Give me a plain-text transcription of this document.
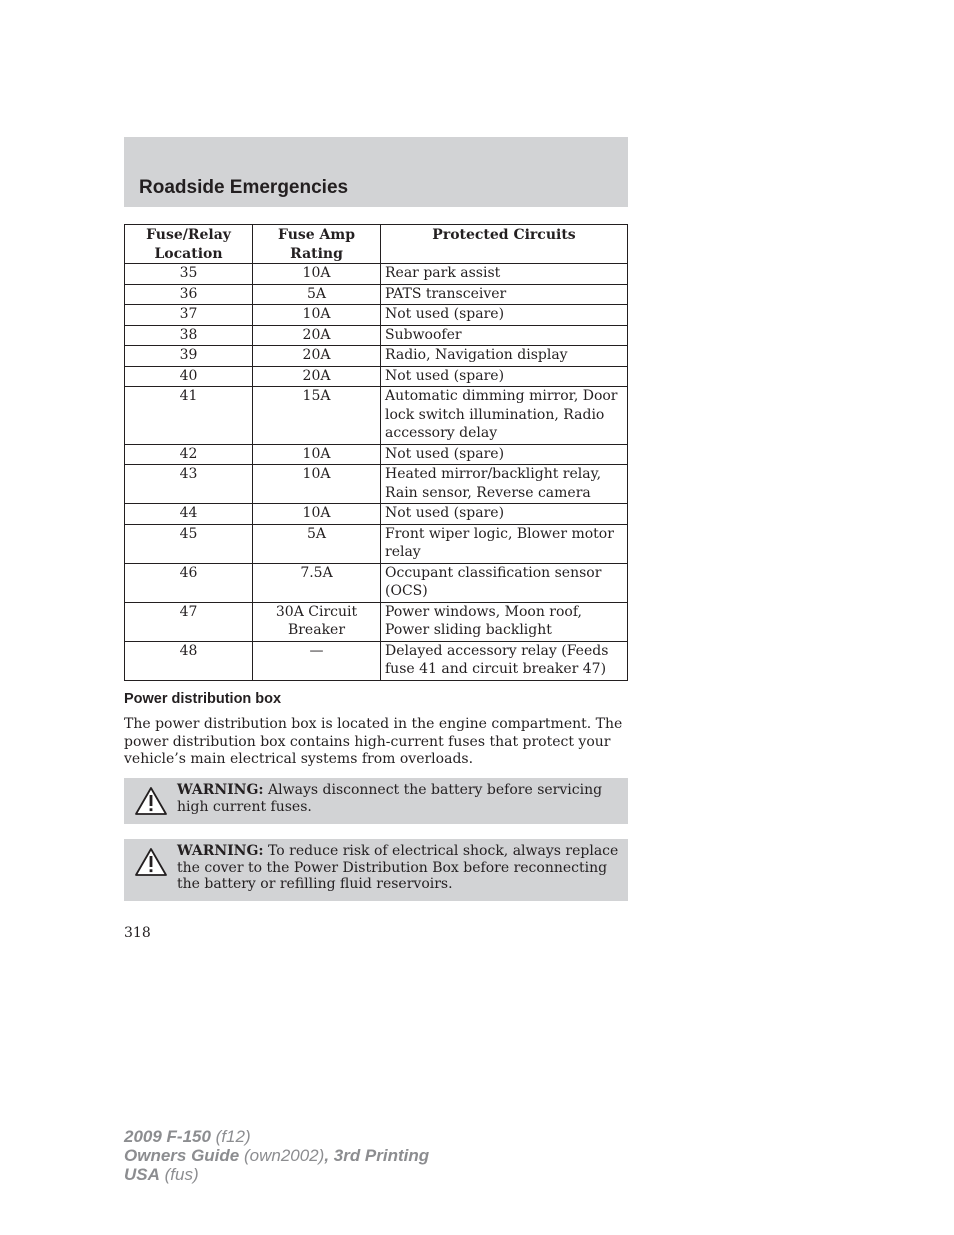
Roadside Emergencies
Fuse/Relay Location	Fuse Amp Rating	Protected Circuits
35	10A	Rear park assist
36	5A	PATS transceiver
37	10A	Not used (spare)
38	20A	Subwoofer
39	20A	Radio, Navigation display
40	20A	Not used (spare)
41	15A	Automatic dimming mirror, Door lock switch illumination, Radio accessory delay
42	10A	Not used (spare)
43	10A	Heated mirror/backlight relay, Rain sensor, Reverse camera
44	10A	Not used (spare)
45	5A	Front wiper logic, Blower motor relay
46	7.5A	Occupant classification sensor (OCS)
47	30A Circuit Breaker	Power windows, Moon roof, Power sliding backlight
48	—	Delayed accessory relay (Feeds fuse 41 and circuit breaker 47)
Power distribution box

The power distribution box is located in the engine compartment. The power distribution box contains high-current fuses that protect your vehicle’s main electrical systems from overloads.

WARNING: Always disconnect the battery before servicing high current fuses.
WARNING: To reduce risk of electrical shock, always replace the cover to the Power Distribution Box before reconnecting the battery or refilling fluid reservoirs.

318

2009 F-150 (f12)
Owners Guide (own2002), 3rd Printing
USA (fus)
